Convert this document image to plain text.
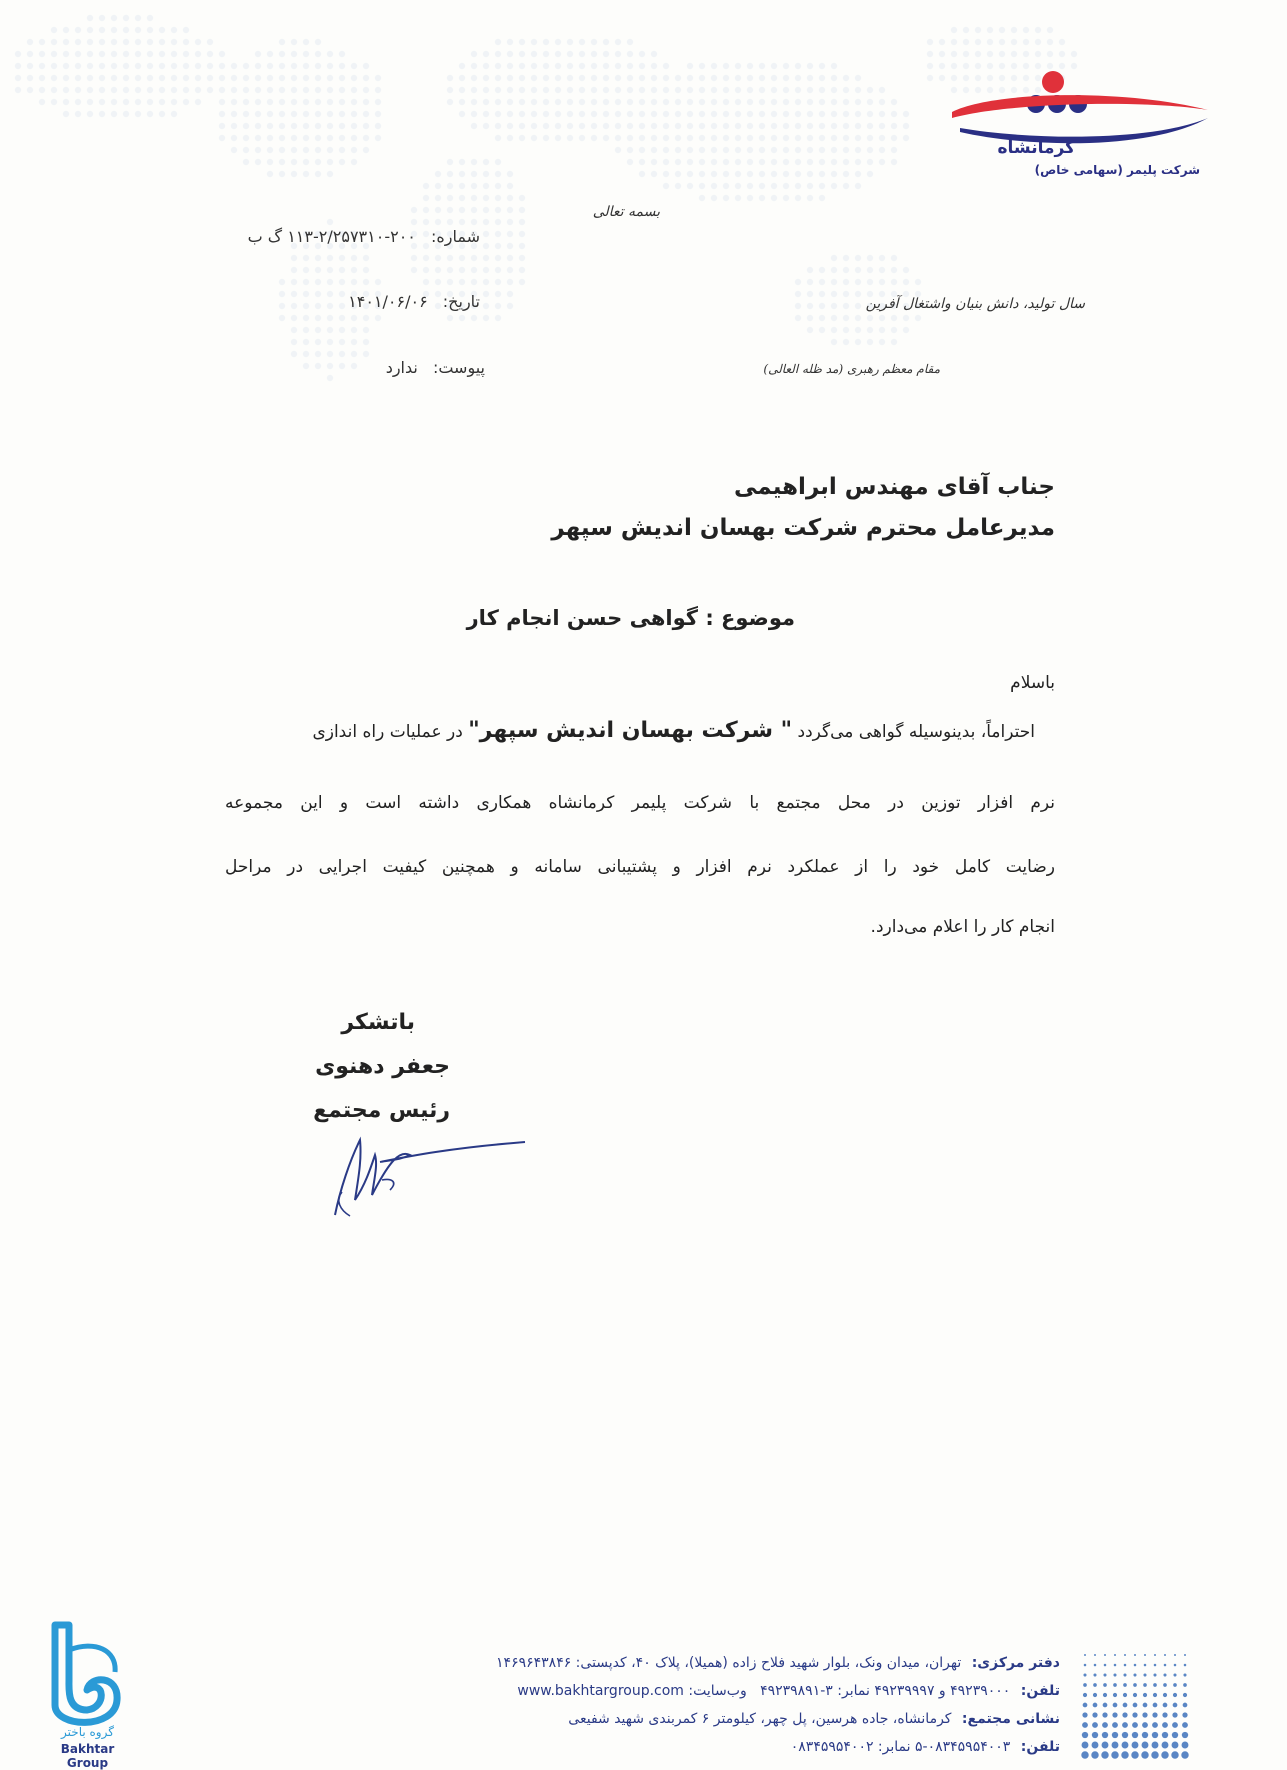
کرمانشاه
شرکت پلیمر (سهامی خاص)
بسمه تعالی
شماره: ۲۰۰-۲/۲۵۷۳۱۰-۱۱۳ گ ب
تاریخ: ۱۴۰۱/۰۶/۰۶
پیوست: ندارد
سال تولید، دانش بنیان واشتغال آفرین
مقام معظم رهبری (مد ظله العالی)
جناب آقای مهندس ابراهیمی
مدیرعامل محترم شرکت بهسان اندیش سپهر
موضوع : گواهی حسن انجام کار
باسلام
احتراماً، بدینوسیله گواهی می‌گردد " شرکت بهسان اندیش سپهر" در عملیات راه اندازی
نرم افزار توزین در محل مجتمع با شرکت پلیمر کرمانشاه همکاری داشته است و این مجموعه
رضایت کامل خود را از عملکرد نرم افزار و پشتیبانی سامانه و همچنین کیفیت اجرایی در مراحل
انجام کار را اعلام می‌دارد.
باتشکر
جعفر دهنوی
رئیس مجتمع
گروه باختر
Bakhtar Group
دفتر مرکزی: تهران، میدان ونک، بلوار شهید فلاح زاده (همیلا)، پلاک ۴۰، کدپستی: ۱۴۶۹۶۴۳۸۴۶
تلفن: ۴۹۲۳۹۰۰۰ و ۴۹۲۳۹۹۹۷ نمابر: ۳-۴۹۲۳۹۸۹۱   وب‌سایت: www.bakhtargroup.com
نشانی مجتمع: کرمانشاه، جاده هرسین، پل چهر، کیلومتر ۶ کمربندی شهید شفیعی
تلفن: ۰۸۳۴۵۹۵۴۰۰۳-۵ نمابر: ۰۸۳۴۵۹۵۴۰۰۲
